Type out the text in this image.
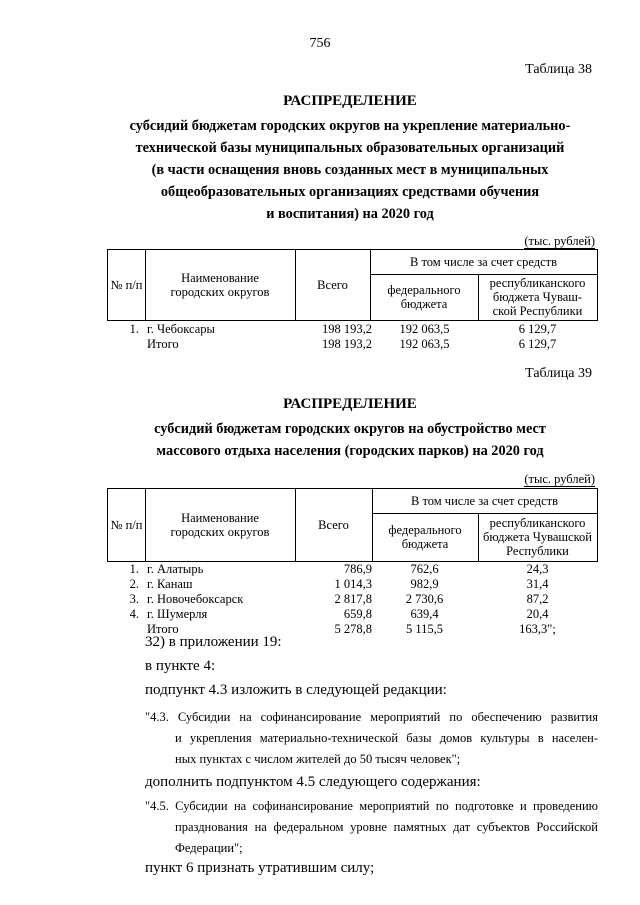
756
Таблица 38
РАСПРЕДЕЛЕНИЕ
субсидий бюджетам городских округов на укрепление материально-
технической базы муниципальных образовательных организаций
(в части оснащения вновь созданных мест в муниципальных
общеобразовательных организациях средствами обучения
и воспитания) на 2020 год
(тыс. рублей)
№ п/п	Наименование городских округов	Всего
В том числе за счет средств
федерального бюджета
республиканского бюджета Чуваш-ской Республики
1. г. Чебоксары	198 193,2	192 063,5	6 129,7
Итого	198 193,2	192 063,5	6 129,7
Таблица 39
РАСПРЕДЕЛЕНИЕ
субсидий бюджетам городских округов на обустройство мест
массового отдыха населения (городских парков) на 2020 год
(тыс. рублей)
№ п/п	Наименование городских округов	Всего
В том числе за счет средств
федерального бюджета
республиканского бюджета Чувашской Республики
1. г. Алатырь	786,9	762,6	24,3
2. г. Канаш	1 014,3	982,9	31,4
3. г. Новочебоксарск	2 817,8	2 730,6	87,2
4. г. Шумерля	659,8	639,4	20,4
Итого	5 278,8	5 115,5	163,3";
32) в приложении 19:
в пункте 4:
подпункт 4.3 изложить в следующей редакции:
"4.3. Субсидии на софинансирование мероприятий по обеспечению развития
и укрепления материально-технической базы домов культуры в населен-
ных пунктах с числом жителей до 50 тысяч человек";
дополнить подпунктом 4.5 следующего содержания:
"4.5. Субсидии на софинансирование мероприятий по подготовке и проведению
празднования на федеральном уровне памятных дат субъектов Российской
Федерации";
пункт 6 признать утратившим силу;
